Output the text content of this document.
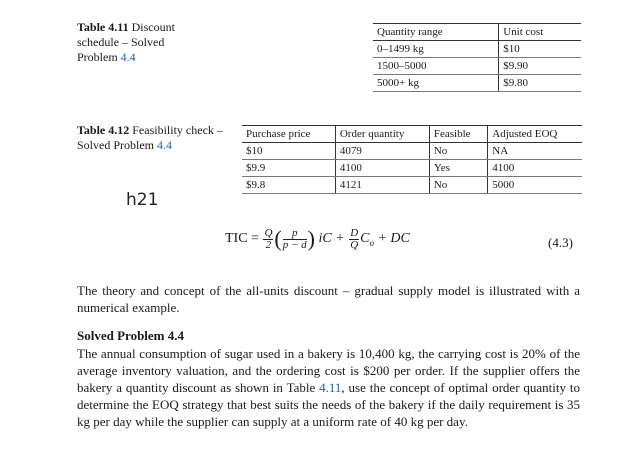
Table 4.11 Discount schedule – Solved Problem 4.4
Quantity range	Unit cost
0–1499 kg	$10
1500–5000	$9.90
5000+ kg	$9.80
Table 4.12 Feasibility check – Solved Problem 4.4
Purchase price	Order quantity	Feasible	Adjusted EOQ
$10	4079	No	NA
$9.9	4100	Yes	4100
$9.8	4121	No	5000
h21
TIC = $\frac{Q}{2}$ ( $\frac{p}{p - d}$ ) iC + $\frac{D}{Q} C_o$ + DC	(4.3)
The theory and concept of the all-units discount – gradual supply model is illustrated with a numerical example.
Solved Problem 4.4
The annual consumption of sugar used in a bakery is 10,400 kg, the carrying cost is 20% of the average inventory valuation, and the ordering cost is $200 per order. If the supplier offers the bakery a quantity discount as shown in Table 4.11, use the concept of optimal order quantity to determine the EOQ strategy that best suits the needs of the bakery if the daily requirement is 35 kg per day while the supplier can supply at a uniform rate of 40 kg per day.
